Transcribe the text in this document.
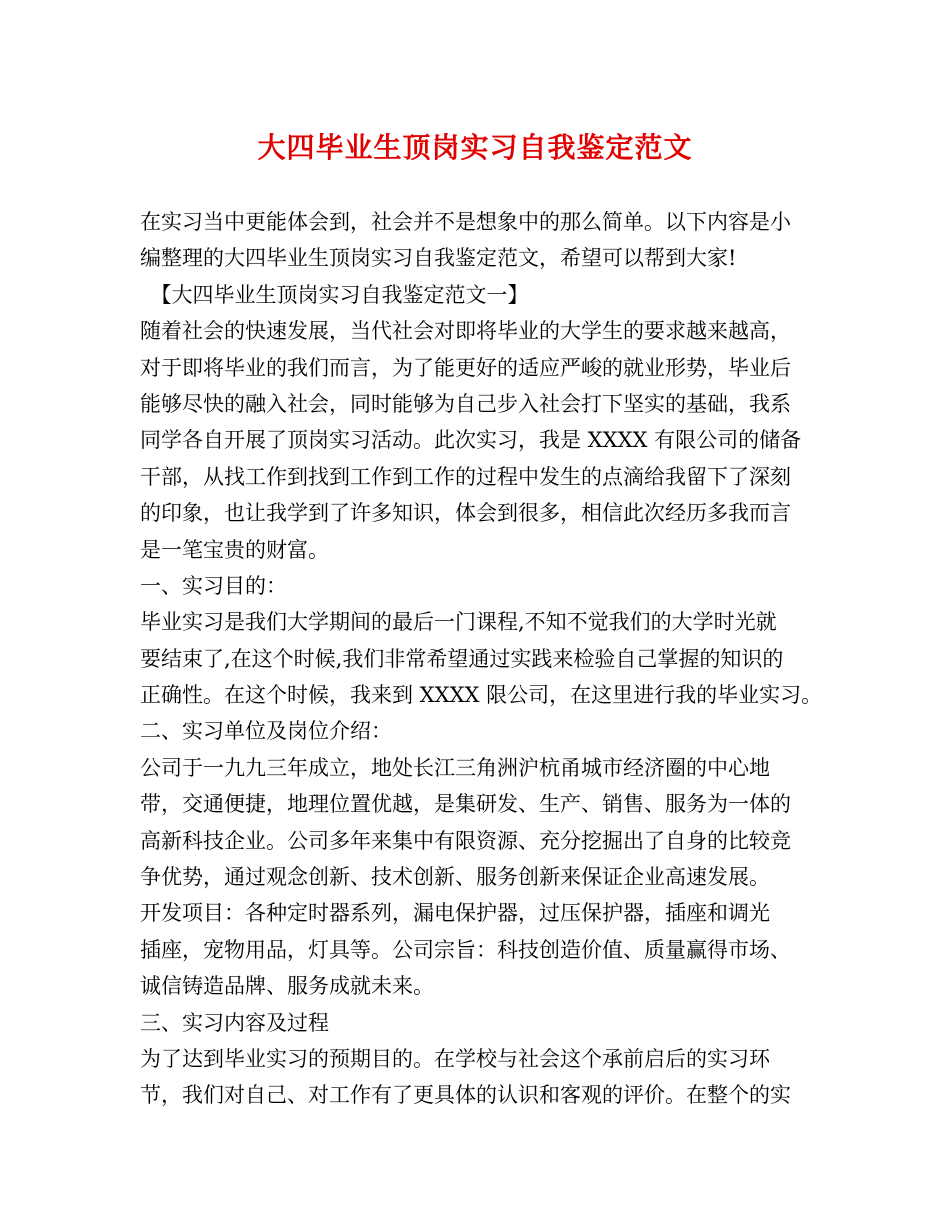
大四毕业生顶岗实习自我鉴定范文
在实习当中更能体会到，社会并不是想象中的那么简单。以下内容是小
编整理的大四毕业生顶岗实习自我鉴定范文，希望可以帮到大家!
　【大四毕业生顶岗实习自我鉴定范文一】
随着社会的快速发展，当代社会对即将毕业的大学生的要求越来越高，
对于即将毕业的我们而言，为了能更好的适应严峻的就业形势，毕业后
能够尽快的融入社会，同时能够为自己步入社会打下坚实的基础，我系
同学各自开展了顶岗实习活动。此次实习，我是 XXXX 有限公司的储备
干部，从找工作到找到工作到工作的过程中发生的点滴给我留下了深刻
的印象，也让我学到了许多知识，体会到很多，相信此次经历多我而言
是一笔宝贵的财富。
一、实习目的：
毕业实习是我们大学期间的最后一门课程,不知不觉我们的大学时光就
要结束了,在这个时候,我们非常希望通过实践来检验自己掌握的知识的
正确性。在这个时候，我来到 XXXX 限公司，在这里进行我的毕业实习。
二、实习单位及岗位介绍：
公司于一九九三年成立，地处长江三角洲沪杭甬城市经济圈的中心地
带，交通便捷，地理位置优越，是集研发、生产、销售、服务为一体的
高新科技企业。公司多年来集中有限资源、充分挖掘出了自身的比较竞
争优势，通过观念创新、技术创新、服务创新来保证企业高速发展。
开发项目：各种定时器系列，漏电保护器，过压保护器，插座和调光
插座，宠物用品，灯具等。公司宗旨：科技创造价值、质量赢得市场、
诚信铸造品牌、服务成就未来。
三、实习内容及过程
为了达到毕业实习的预期目的。在学校与社会这个承前启后的实习环
节，我们对自己、对工作有了更具体的认识和客观的评价。在整个的实
